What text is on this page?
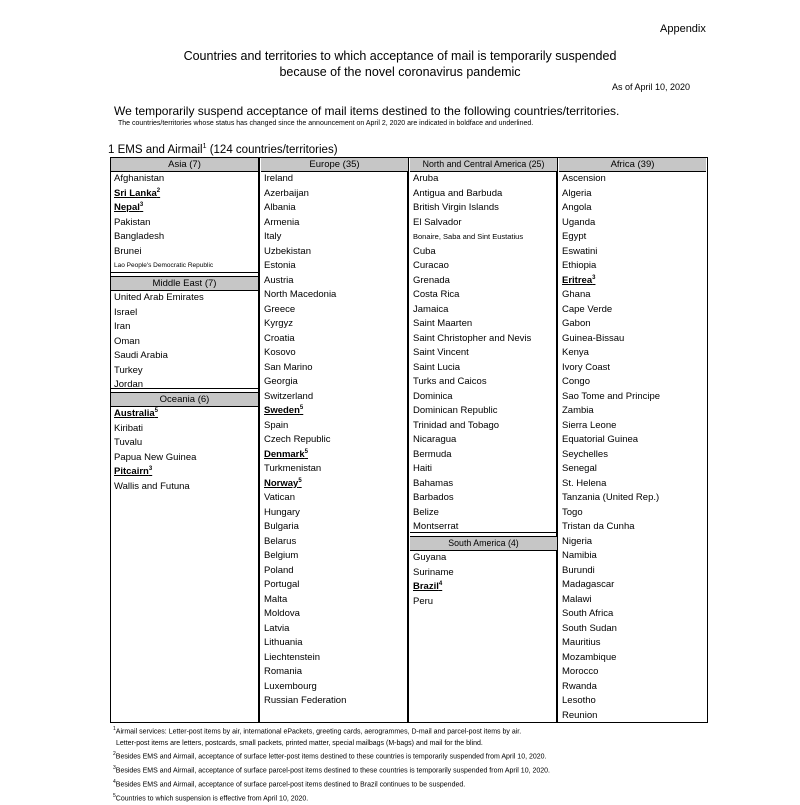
Appendix
Countries and territories to which acceptance of mail is temporarily suspended
because of the novel coronavirus pandemic
As of April 10, 2020
We temporarily suspend acceptance of mail items destined to the following countries/territories.
The countries/territories whose status has changed since the announcement on April 2, 2020 are indicated in boldface and underlined.
1 EMS and Airmail$^1$ (124 countries/territories)
Asia (7)
Afghanistan
Sri Lanka$^2$
Nepal$^3$
Pakistan
Bangladesh
Brunei
Lao People's Democratic Republic
Middle East (7)
United Arab Emirates
Israel
Iran
Oman
Saudi Arabia
Turkey
Jordan
Oceania (6)
Australia$^5$
Kiribati
Tuvalu
Papua New Guinea
Pitcairn$^3$
Wallis and Futuna
Europe (35)
Ireland
Azerbaijan
Albania
Armenia
Italy
Uzbekistan
Estonia
Austria
North Macedonia
Greece
Kyrgyz
Croatia
Kosovo
San Marino
Georgia
Switzerland
Sweden$^5$
Spain
Czech Republic
Denmark$^5$
Turkmenistan
Norway$^5$
Vatican
Hungary
Bulgaria
Belarus
Belgium
Poland
Portugal
Malta
Moldova
Latvia
Lithuania
Liechtenstein
Romania
Luxembourg
Russian Federation
North and Central America (25)
Aruba
Antigua and Barbuda
British Virgin Islands
El Salvador
Bonaire, Saba and Sint Eustatius
Cuba
Curacao
Grenada
Costa Rica
Jamaica
Saint Maarten
Saint Christopher and Nevis
Saint Vincent
Saint Lucia
Turks and Caicos
Dominica
Dominican Republic
Trinidad and Tobago
Nicaragua
Bermuda
Haiti
Bahamas
Barbados
Belize
Montserrat
South America (4)
Guyana
Suriname
Brazil$^4$
Peru
Africa (39)
Ascension
Algeria
Angola
Uganda
Egypt
Eswatini
Ethiopia
Eritrea$^3$
Ghana
Cape Verde
Gabon
Guinea-Bissau
Kenya
Ivory Coast
Congo
Sao Tome and Principe
Zambia
Sierra Leone
Equatorial Guinea
Seychelles
Senegal
St. Helena
Tanzania (United Rep.)
Togo
Tristan da Cunha
Nigeria
Namibia
Burundi
Madagascar
Malawi
South Africa
South Sudan
Mauritius
Mozambique
Morocco
Rwanda
Lesotho
Reunion
$^1$Airmail services: Letter-post items by air, international ePackets, greeting cards, aerogrammes, D-mail and parcel-post items by air.
Letter-post items are letters, postcards, small packets, printed matter, special mailbags (M-bags) and mail for the blind.
$^2$Besides EMS and Airmail, acceptance of surface letter-post items destined to these countries is temporarily suspended from April 10, 2020.
$^3$Besides EMS and Airmail, acceptance of surface parcel-post items destined to these countries is temporarily suspended from April 10, 2020.
$^4$Besides EMS and Airmail, acceptance of surface parcel-post items destined to Brazil continues to be suspended.
$^5$Countries to which suspension is effective from April 10, 2020.
